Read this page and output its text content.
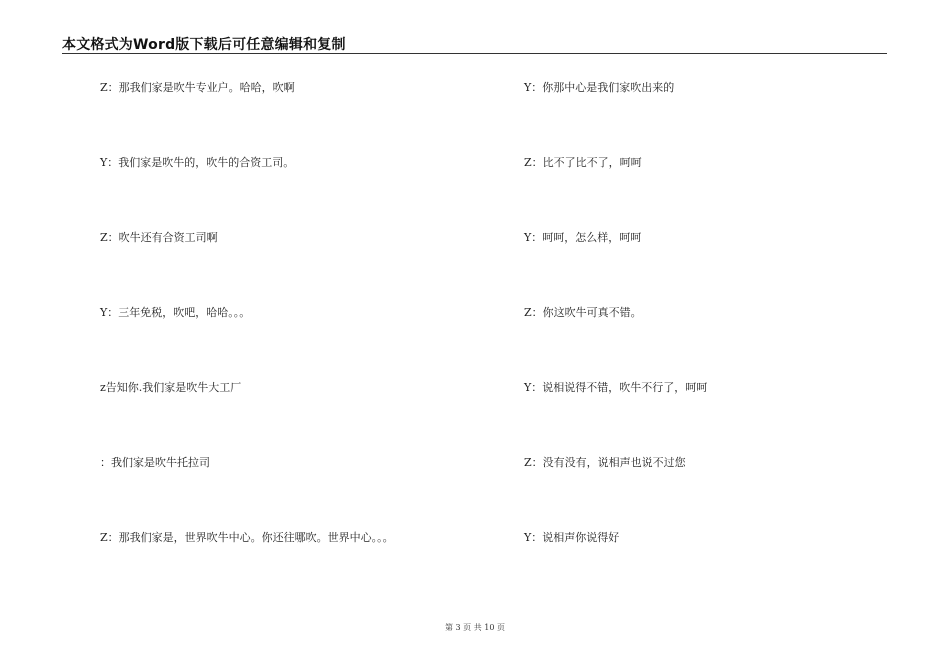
本文格式为Word版下载后可任意编辑和复制
Z：那我们家是吹牛专业户。哈哈，吹啊
Y：我们家是吹牛的，吹牛的合资工司。
Z：吹牛还有合资工司啊
Y：三年免税，吹吧，哈哈。。。
z告知你.我们家是吹牛大工厂
：我们家是吹牛托拉司
Z：那我们家是，世界吹牛中心。你还往哪吹。世界中心。。。
Y：你那中心是我们家吹出来的
Z：比不了比不了，呵呵
Y：呵呵，怎么样，呵呵
Z：你这吹牛可真不错。
Y：说相说得不错，吹牛不行了，呵呵
Z：没有没有，说相声也说不过您
Y：说相声你说得好
第 3 页 共 10 页
